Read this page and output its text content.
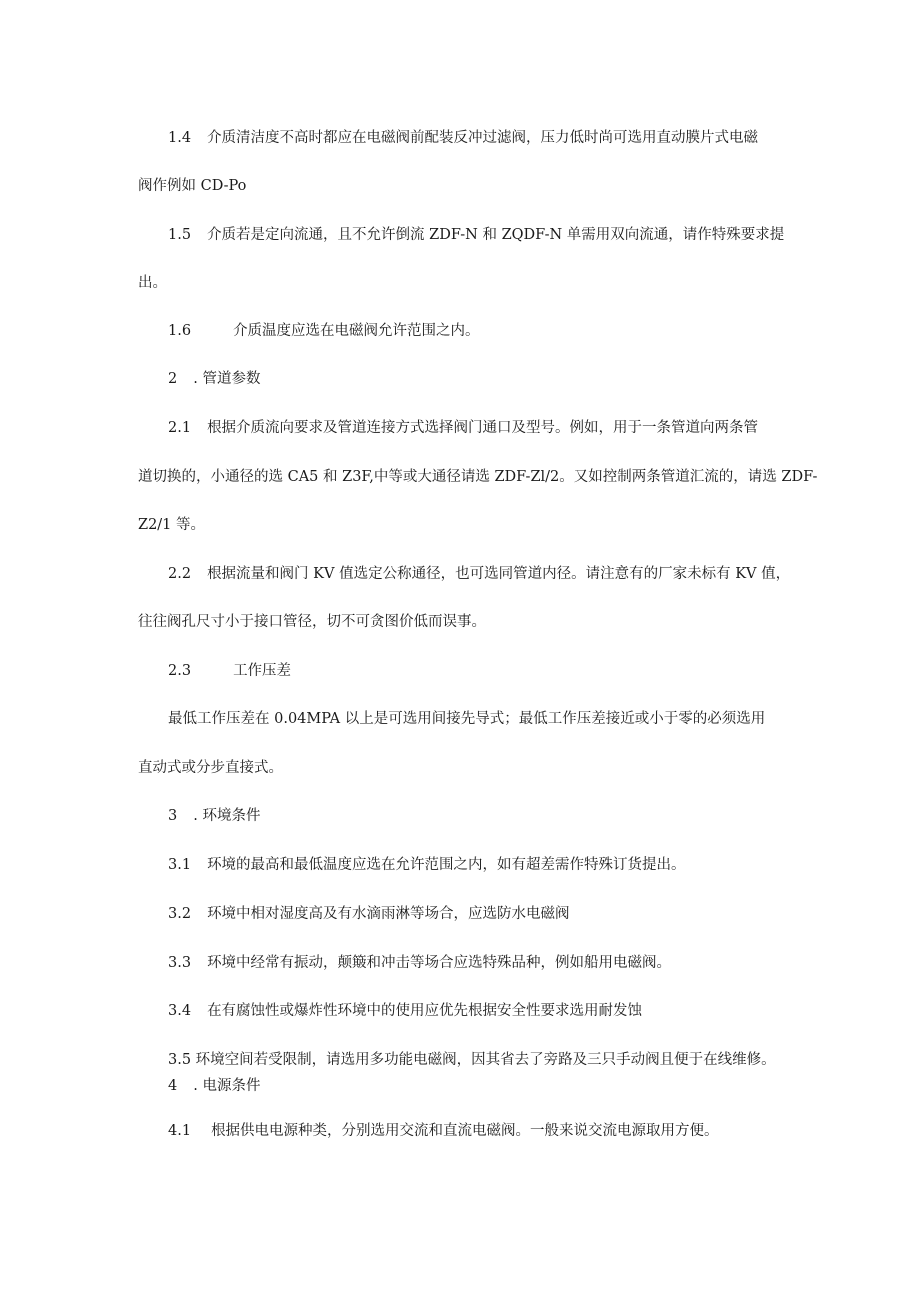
1.4 介质清洁度不高时都应在电磁阀前配装反冲过滤阀，压力低时尚可选用直动膜片式电磁
阀作例如 CD-Po
1.5 介质若是定向流通，且不允许倒流 ZDF-N 和 ZQDF-N 单需用双向流通，请作特殊要求提
出。
1.6	介质温度应选在电磁阀允许范围之内。
2 . 管道参数
2.1 根据介质流向要求及管道连接方式选择阀门通口及型号。例如，用于一条管道向两条管
道切换的，小通径的选 CA5 和 Z3F,中等或大通径请选 ZDF-Zl/2。又如控制两条管道汇流的，请选 ZDF-
Z2/1 等。
2.2 根据流量和阀门 KV 值选定公称通径，也可选同管道内径。请注意有的厂家未标有 KV 值，
往往阀孔尺寸小于接口管径，切不可贪图价低而误事。
2.3	工作压差
最低工作压差在 0.04MPA 以上是可选用间接先导式；最低工作压差接近或小于零的必须选用
直动式或分步直接式。
3 . 环境条件
3.1 环境的最高和最低温度应选在允许范围之内，如有超差需作特殊订货提出。
3.2 环境中相对湿度高及有水滴雨淋等场合，应选防水电磁阀
3.3 环境中经常有振动，颠簸和冲击等场合应选特殊品种，例如船用电磁阀。
3.4 在有腐蚀性或爆炸性环境中的使用应优先根据安全性要求选用耐发蚀
3.5 环境空间若受限制，请选用多功能电磁阀，因其省去了旁路及三只手动阀且便于在线维修。
4 . 电源条件
4.1 根据供电电源种类，分别选用交流和直流电磁阀。一般来说交流电源取用方便。
